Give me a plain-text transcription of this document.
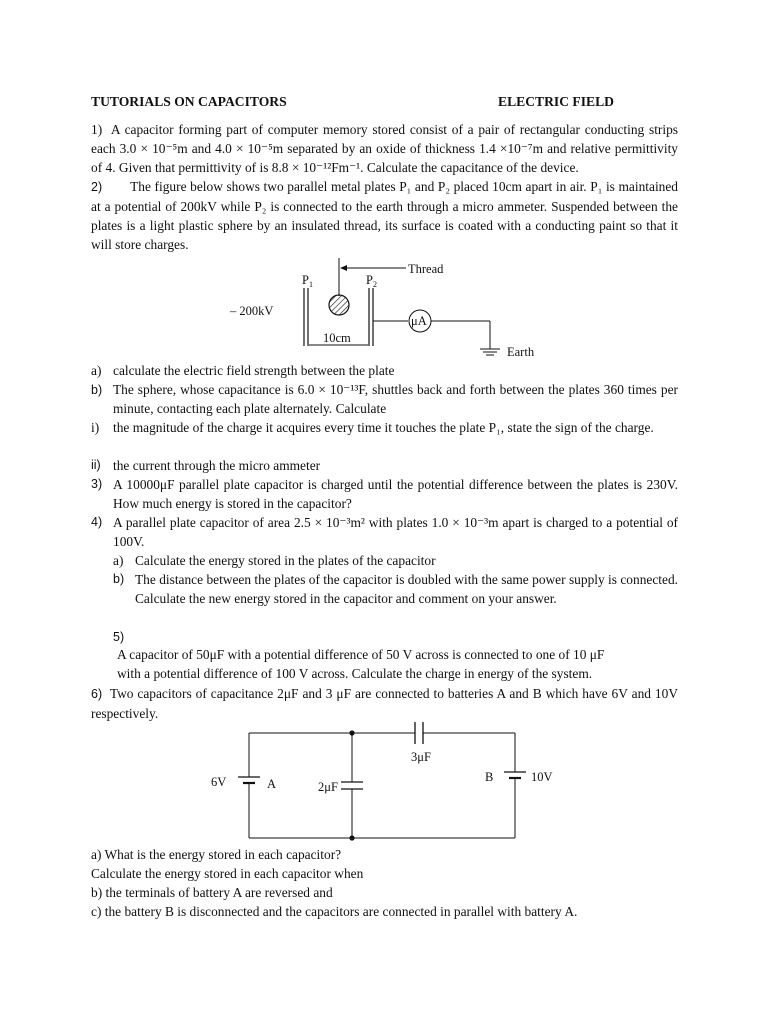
TUTORIALS ON CAPACITORS	ELECTRIC FIELD
1) A capacitor forming part of computer memory stored consist of a pair of rectangular conducting strips each 3.0 × 10⁻⁵m and 4.0 × 10⁻⁵m separated by an oxide of thickness 1.4 ×10⁻⁷m and relative permittivity of 4. Given that permittivity of is 8.8 × 10⁻¹²Fm⁻¹. Calculate the capacitance of the device.
2) The figure below shows two parallel metal plates P₁ and P₂ placed 10cm apart in air. P₁ is maintained at a potential of 200kV while P₂ is connected to the earth through a micro ammeter. Suspended between the plates is a light plastic sphere by an insulated thread, its surface is coated with a conducting paint so that it will store charges.
$P_1$	$P_2$
Thread
– 200kV
μA
Earth
10cm
a) calculate the electric field strength between the plate
b) The sphere, whose capacitance is 6.0 × 10⁻¹³F, shuttles back and forth between the plates 360 times per minute, contacting each plate alternately. Calculate
i) the magnitude of the charge it acquires every time it touches the plate P₁, state the sign of the charge.
ii) the current through the micro ammeter
3) A 10000μF parallel plate capacitor is charged until the potential difference between the plates is 230V. How much energy is stored in the capacitor?
4) A parallel plate capacitor of area 2.5 × 10⁻³m² with plates 1.0 × 10⁻³m apart is charged to a potential of 100V.
a) Calculate the energy stored in the plates of the capacitor
b) The distance between the plates of the capacitor is doubled with the same power supply is connected. Calculate the new energy stored in the capacitor and comment on your answer.
5)
A capacitor of 50μF with a potential difference of 50 V across is connected to one of 10 μF
with a potential difference of 100 V across. Calculate the charge in energy of the system.
6) Two capacitors of capacitance 2μF and 3 μF are connected to batteries A and B which have 6V and 10V respectively.
3μF
6V	A	2μF
B	10V
a) What is the energy stored in each capacitor?
Calculate the energy stored in each capacitor when
b) the terminals of battery A are reversed and
c) the battery B is disconnected and the capacitors are connected in parallel with battery A.
